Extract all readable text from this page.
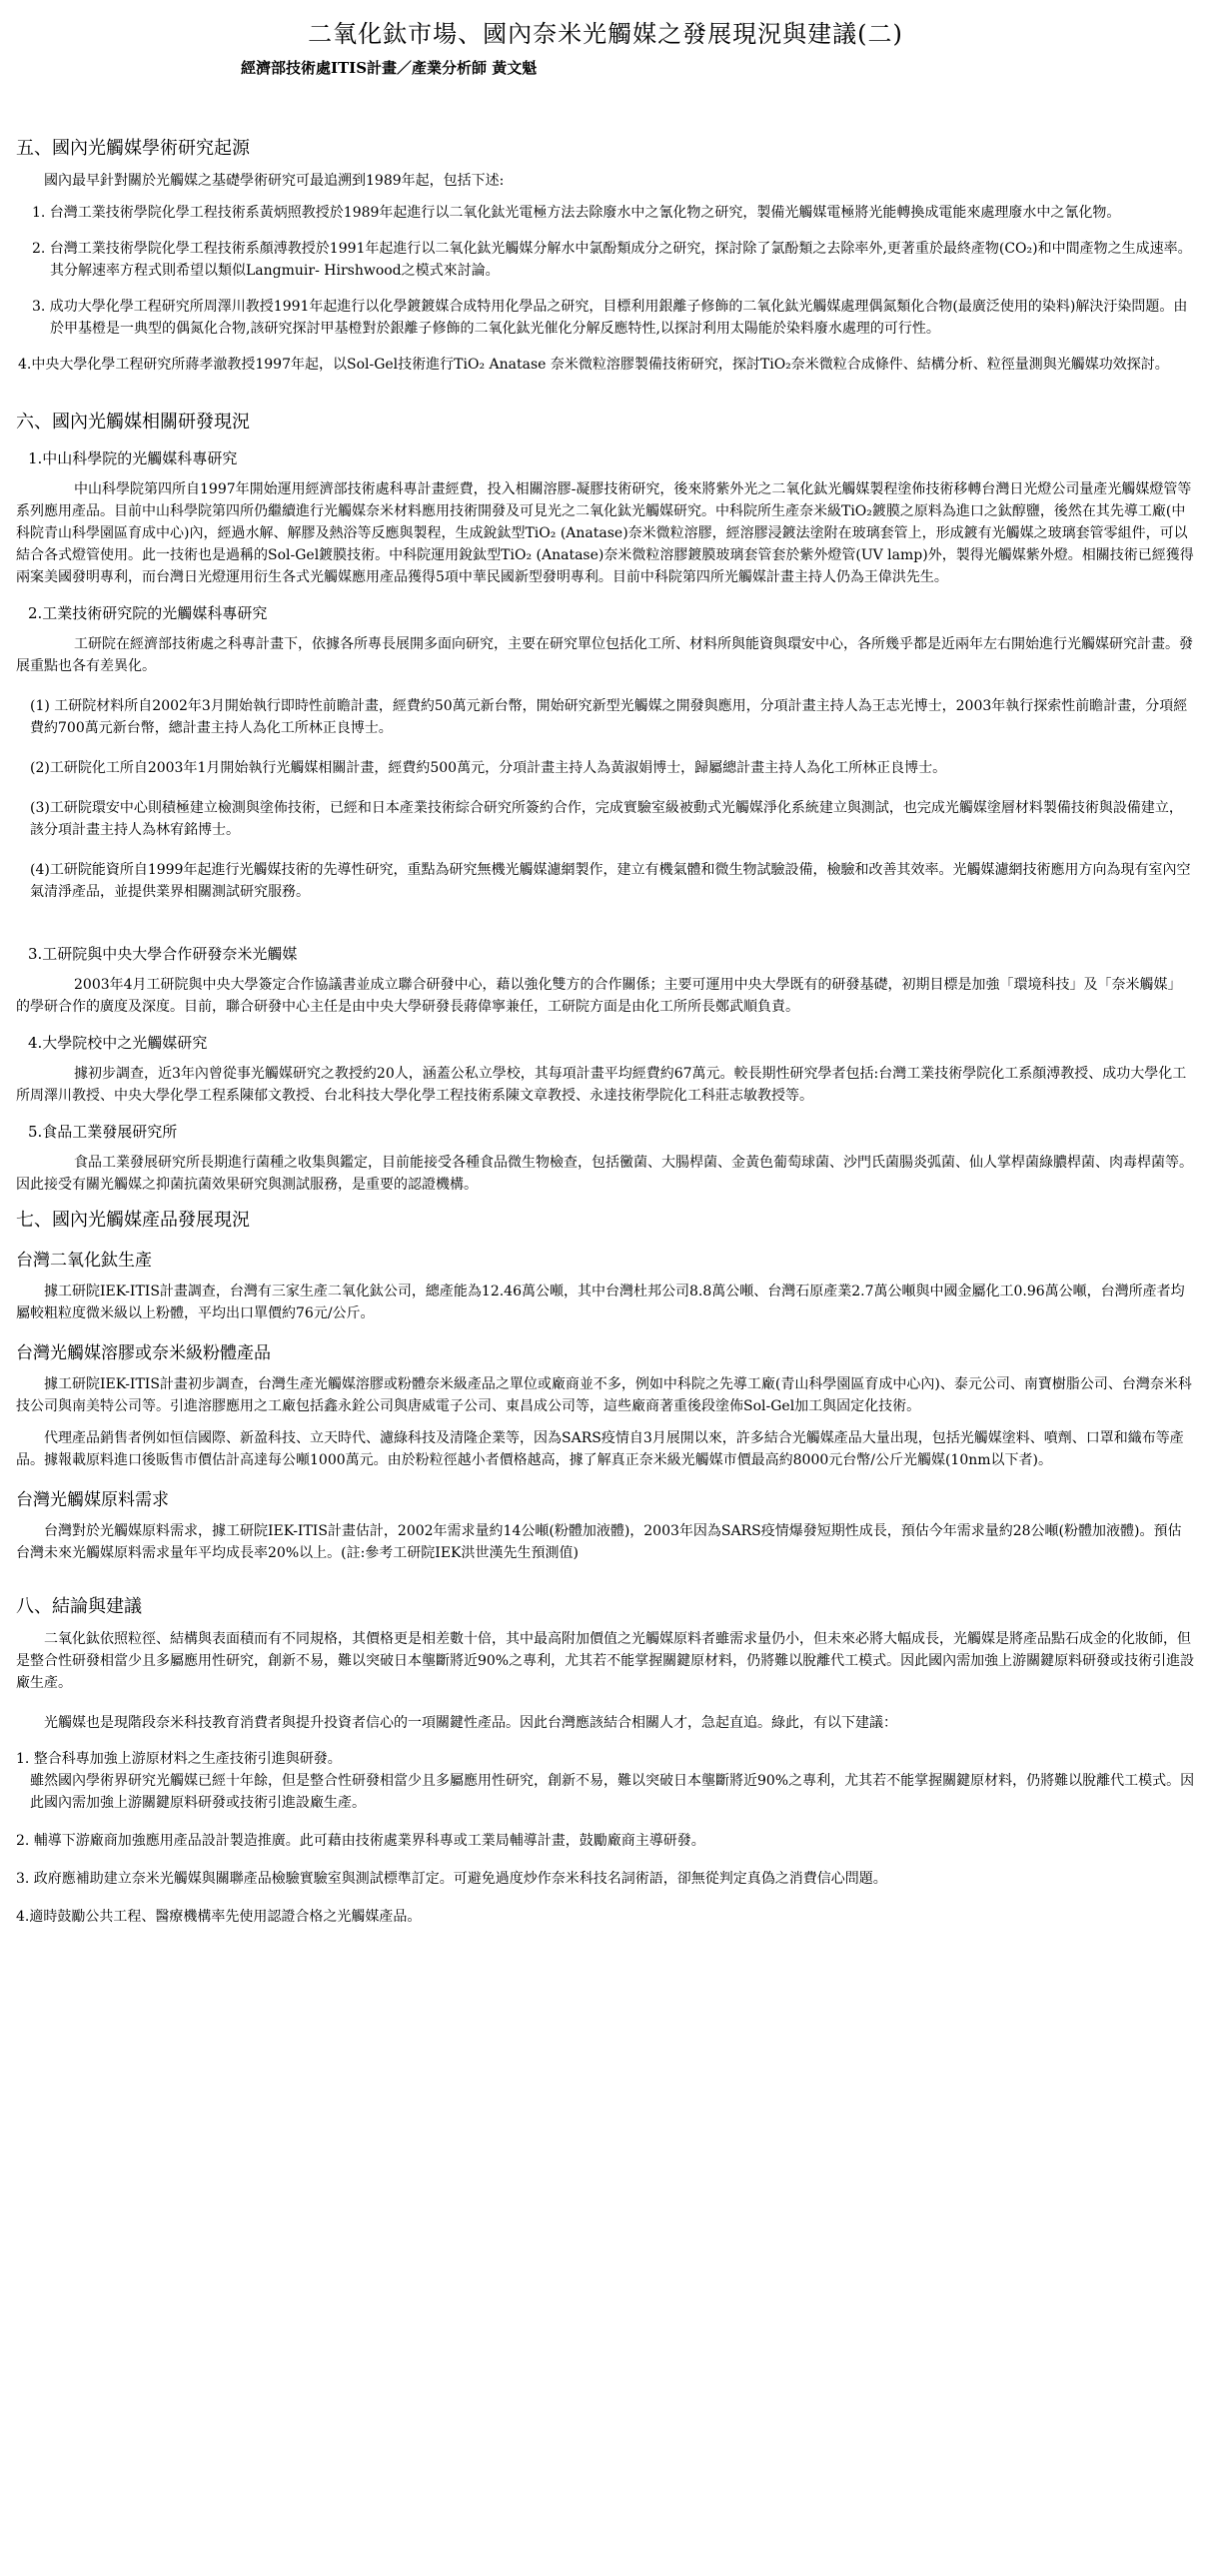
二氧化鈦市場、國內奈米光觸媒之發展現況與建議(二)
經濟部技術處ITIS計畫／產業分析師 黃文魁
五、國內光觸媒學術研究起源

國內最早針對關於光觸媒之基礎學術研究可最追溯到1989年起，包括下述:

1. 台灣工業技術學院化學工程技術系黃炳照教授於1989年起進行以二氧化鈦光電極方法去除廢水中之氰化物之研究，製備光觸媒電極將光能轉換成電能來處理廢水中之氰化物。
2. 台灣工業技術學院化學工程技術系顏溥教授於1991年起進行以二氧化鈦光觸媒分解水中氯酚類成分之研究，探討除了氯酚類之去除率外,更著重於最終產物(CO₂)和中間產物之生成速率。其分解速率方程式則希望以類似Langmuir- Hirshwood之模式來討論。
3. 成功大學化學工程研究所周澤川教授1991年起進行以化學鍍鍍媒合成特用化學品之研究，目標利用銀離子修飾的二氧化鈦光觸媒處理偶氮類化合物(最廣泛使用的染料)解決汙染問題。由於甲基橙是一典型的偶氮化合物,該研究探討甲基橙對於銀離子修飾的二氧化鈦光催化分解反應特性,以探討利用太陽能於染料廢水處理的可行性。
4.中央大學化學工程研究所蔣孝澈教授1997年起，以Sol-Gel技術進行TiO₂ Anatase 奈米微粒溶膠製備技術研究，探討TiO₂奈米微粒合成條件、結構分析、粒徑量測與光觸媒功效探討。
六、國內光觸媒相關研發現況
1.中山科學院的光觸媒科專研究

中山科學院第四所自1997年開始運用經濟部技術處科專計畫經費，投入相關溶膠-凝膠技術研究，後來將紫外光之二氧化鈦光觸媒製程塗佈技術移轉台灣日光燈公司量產光觸媒燈管等系列應用產品。目前中山科學院第四所仍繼續進行光觸媒奈米材料應用技術開發及可見光之二氧化鈦光觸媒研究。中科院所生產奈米級TiO₂鍍膜之原料為進口之鈦醇鹽，後然在其先導工廠(中科院青山科學園區育成中心)內，經過水解、解膠及熱浴等反應與製程，生成銳鈦型TiO₂ (Anatase)奈米微粒溶膠，經溶膠浸鍍法塗附在玻璃套管上，形成鍍有光觸媒之玻璃套管零組件，可以結合各式燈管使用。此一技術也是過稱的Sol-Gel鍍膜技術。中科院運用銳鈦型TiO₂ (Anatase)奈米微粒溶膠鍍膜玻璃套管套於紫外燈管(UV lamp)外，製得光觸媒紫外燈。相關技術已經獲得兩案美國發明專利，而台灣日光燈運用衍生各式光觸媒應用產品獲得5項中華民國新型發明專利。目前中科院第四所光觸媒計畫主持人仍為王偉洪先生。

2.工業技術研究院的光觸媒科專研究

工研院在經濟部技術處之科專計畫下，依據各所專長展開多面向研究，主要在研究單位包括化工所、材料所與能資與環安中心，各所幾乎都是近兩年左右開始進行光觸媒研究計畫。發展重點也各有差異化。

(1) 工研院材料所自2002年3月開始執行即時性前瞻計畫，經費約50萬元新台幣，開始研究新型光觸媒之開發與應用，分項計畫主持人為王志光博士，2003年執行探索性前瞻計畫，分項經費約700萬元新台幣，總計畫主持人為化工所林正良博士。

(2)工研院化工所自2003年1月開始執行光觸媒相關計畫，經費約500萬元，分項計畫主持人為黃淑娟博士，歸屬總計畫主持人為化工所林正良博士。

(3)工研院環安中心則積極建立檢測與塗佈技術，已經和日本產業技術綜合研究所簽約合作，完成實驗室級被動式光觸媒淨化系統建立與測試，也完成光觸媒塗層材料製備技術與設備建立，該分項計畫主持人為林宥銘博士。

(4)工研院能資所自1999年起進行光觸媒技術的先導性研究，重點為研究無機光觸媒濾網製作，建立有機氣體和微生物試驗設備，檢驗和改善其效率。光觸媒濾網技術應用方向為現有室內空氣清淨產品，並提供業界相關測試研究服務。

3.工研院與中央大學合作研發奈米光觸媒

2003年4月工研院與中央大學簽定合作協議書並成立聯合研發中心，藉以強化雙方的合作關係；主要可運用中央大學既有的研發基礎，初期目標是加強「環境科技」及「奈米觸媒」的學研合作的廣度及深度。目前，聯合研發中心主任是由中央大學研發長蔣偉寧兼任，工研院方面是由化工所所長鄭武順負責。

4.大學院校中之光觸媒研究

據初步調查，近3年內曾從事光觸媒研究之教授約20人，涵蓋公私立學校，其每項計畫平均經費約67萬元。較長期性研究學者包括:台灣工業技術學院化工系顏溥教授、成功大學化工所周澤川教授、中央大學化學工程系陳郁文教授、台北科技大學化學工程技術系陳文章教授、永達技術學院化工科莊志敏教授等。

5.食品工業發展研究所

食品工業發展研究所長期進行菌種之收集與鑑定，目前能接受各種食品微生物檢查，包括黴菌、大腸桿菌、金黃色葡萄球菌、沙門氏菌腸炎弧菌、仙人掌桿菌綠膿桿菌、肉毒桿菌等。因此接受有關光觸媒之抑菌抗菌效果研究與測試服務，是重要的認證機構。

七、國內光觸媒產品發展現況
台灣二氧化鈦生產

據工研院IEK-ITIS計畫調查，台灣有三家生產二氧化鈦公司，總產能為12.46萬公噸，其中台灣杜邦公司8.8萬公噸、台灣石原產業2.7萬公噸與中國金屬化工0.96萬公噸，台灣所產者均屬較粗粒度微米級以上粉體，平均出口單價約76元/公斤。

台灣光觸媒溶膠或奈米級粉體產品

據工研院IEK-ITIS計畫初步調查，台灣生產光觸媒溶膠或粉體奈米級產品之單位或廠商並不多，例如中科院之先導工廠(青山科學園區育成中心內)、泰元公司、南寶樹脂公司、台灣奈米科技公司與南美特公司等。引進溶膠應用之工廠包括鑫永銓公司與唐威電子公司、東昌成公司等，這些廠商著重後段塗佈Sol-Gel加工與固定化技術。

代理產品銷售者例如恒信國際、新盈科技、立天時代、濾綠科技及清隆企業等，因為SARS疫情自3月展開以來，許多結合光觸媒產品大量出現，包括光觸媒塗料、噴劑、口罩和織布等產品。據報載原料進口後販售市價估計高達每公噸1000萬元。由於粉粒徑越小者價格越高，據了解真正奈米級光觸媒市價最高約8000元台幣/公斤光觸媒(10nm以下者)。

台灣光觸媒原料需求

台灣對於光觸媒原料需求，據工研院IEK-ITIS計畫估計，2002年需求量約14公噸(粉體加液體)，2003年因為SARS疫情爆發短期性成長，預估今年需求量約28公噸(粉體加液體)。預估台灣未來光觸媒原料需求量年平均成長率20%以上。(註:參考工研院IEK洪世漢先生預測值)

八、結論與建議

二氧化鈦依照粒徑、結構與表面積而有不同規格，其價格更是相差數十倍，其中最高附加價值之光觸媒原料者雖需求量仍小，但未來必將大幅成長，光觸媒是將產品點石成金的化妝師，但是整合性研發相當少且多屬應用性研究，創新不易，難以突破日本壟斷將近90%之專利，尤其若不能掌握關鍵原材料，仍將難以脫離代工模式。因此國內需加強上游關鍵原料研發或技術引進設廠生產。

光觸媒也是現階段奈米科技教育消費者與提升投資者信心的一項關鍵性產品。因此台灣應該結合相關人才，急起直追。綠此，有以下建議：

1. 整合科專加強上游原材料之生產技術引進與研發。

雖然國內學術界研究光觸媒已經十年餘，但是整合性研發相當少且多屬應用性研究，創新不易，難以突破日本壟斷將近90%之專利，尤其若不能掌握關鍵原材料，仍將難以脫離代工模式。因此國內需加強上游關鍵原料研發或技術引進設廠生產。

2. 輔導下游廠商加強應用產品設計製造推廣。此可藉由技術處業界科專或工業局輔導計畫，鼓勵廠商主導研發。

3. 政府應補助建立奈米光觸媒與關聯產品檢驗實驗室與測試標準訂定。可避免過度炒作奈米科技名詞術語，卻無從判定真偽之消費信心問題。

4.適時鼓勵公共工程、醫療機構率先使用認證合格之光觸媒產品。
